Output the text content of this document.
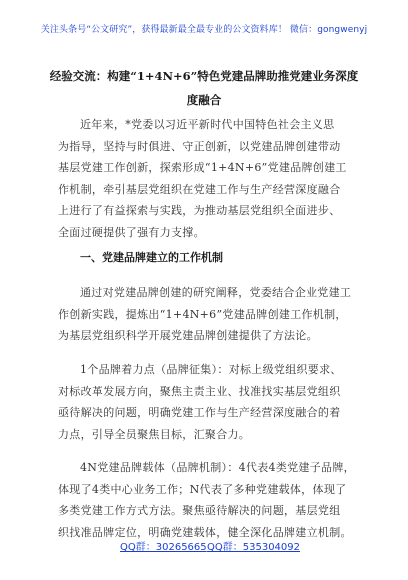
关注头条号“公文研究”，获得最新最全最专业的公文资料库！ 微信：gongwenyj
经验交流：构建“1+4N+6”特色党建品牌助推党建业务深度
度融合
近年来，*党委以习近平新时代中国特色社会主义思
为指导，坚持与时俱进、守正创新，以党建品牌创建带动
基层党建工作创新，探索形成“1+4N+6”党建品牌创建工
作机制，牵引基层党组织在党建工作与生产经营深度融合
上进行了有益探索与实践，为推动基层党组织全面进步、
全面过硬提供了强有力支撑。
一、党建品牌建立的工作机制
通过对党建品牌创建的研究阐释，党委结合企业党建工
作创新实践，提炼出“1+4N+6”党建品牌创建工作机制，
为基层党组织科学开展党建品牌创建提供了方法论。
1个品牌着力点（品牌征集）：对标上级党组织要求、
对标改革发展方向，聚焦主责主业、找准找实基层党组织
亟待解决的问题，明确党建工作与生产经营深度融合的着
力点，引导全员聚焦目标，汇聚合力。
4N党建品牌载体（品牌机制）：4代表4类党建子品牌，
体现了4类中心业务工作；N代表了多种党建载体，体现了
多类党建工作方式方法。聚焦亟待解决的问题，基层党组
织找准品牌定位，明确党建载体，健全深化品牌建立机制。
QQ群：30265665 QQ群：535304092
